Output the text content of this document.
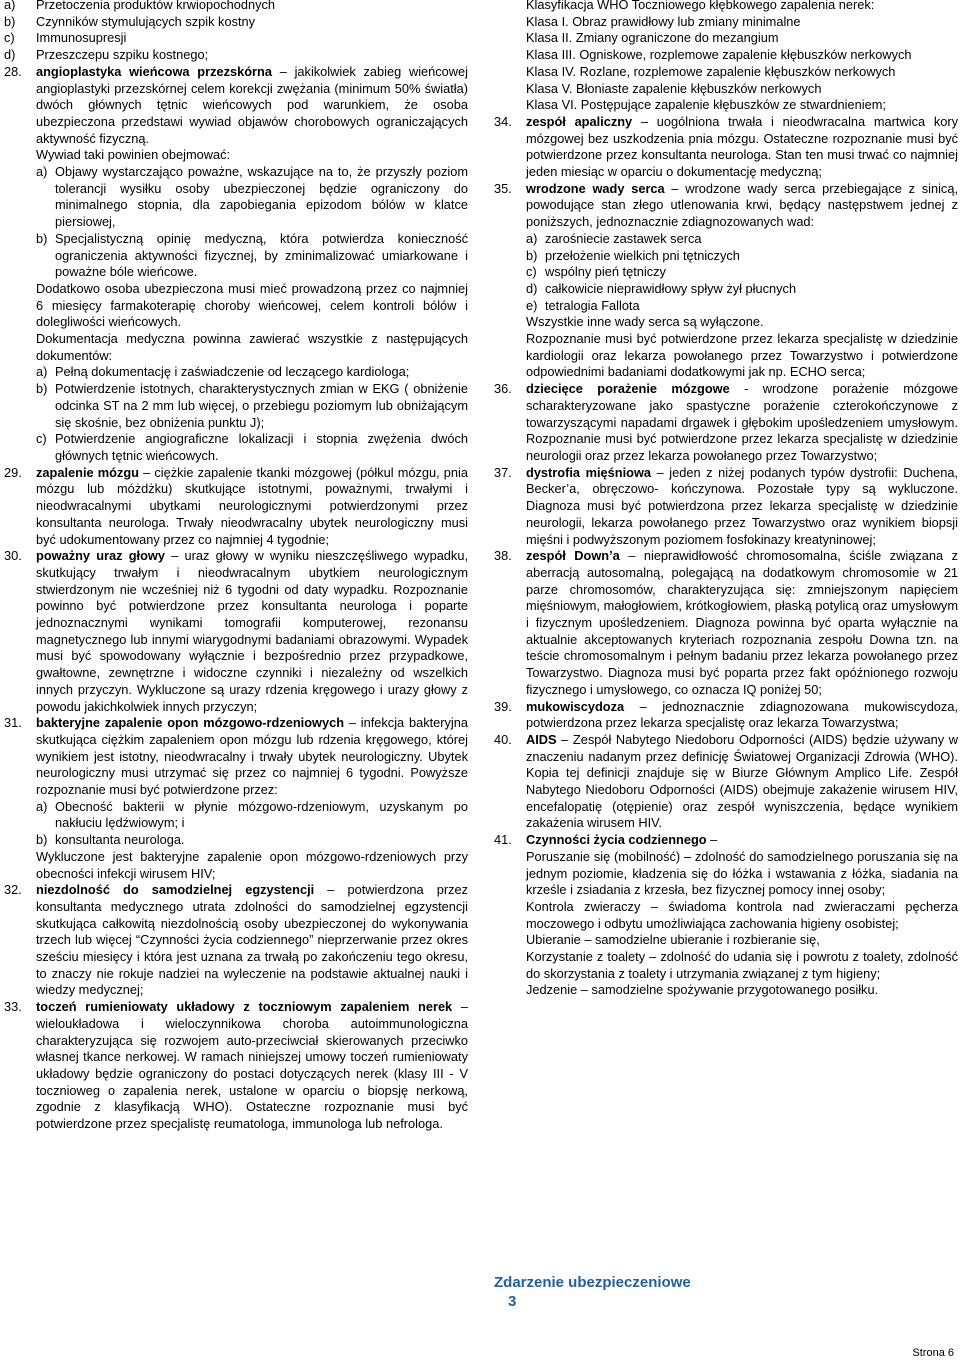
a) Przetoczenia produktów krwiopochodnych
b) Czynników stymulujących szpik kostny
c) Immunosupresji
d) Przeszczepu szpiku kostnego;
28. angioplastyka wieńcowa przezskórna – jakikolwiek zabieg wieńcowej angioplastyki przezskórnej celem korekcji zwężania (minimum 50% światła) dwóch głównych tętnic wieńcowych pod warunkiem, że osoba ubezpieczona przedstawi wywiad objawów chorobowych ograniczających aktywność fizyczną.

Wywiad taki powinien obejmować:

a) Objawy wystarczająco poważne, wskazujące na to, że przyszły poziom tolerancji wysiłku osoby ubezpieczonej będzie ograniczony do minimalnego stopnia, dla zapobiegania epizodom bólów w klatce piersiowej,
b) Specjalistyczną opinię medyczną, która potwierdza konieczność ograniczenia aktywności fizycznej, by zminimalizować umiarkowane i poważne bóle wieńcowe.

Dodatkowo osoba ubezpieczona musi mieć prowadzoną przez co najmniej 6 miesięcy farmakoterapię choroby wieńcowej, celem kontroli bólów i dolegliwości wieńcowych.

Dokumentacja medyczna powinna zawierać wszystkie z następujących dokumentów:

a) Pełną dokumentację i zaświadczenie od leczącego kardiologa;
b) Potwierdzenie istotnych, charakterystycznych zmian w EKG ( obniżenie odcinka ST na 2 mm lub więcej, o przebiegu poziomym lub obniżającym się skośnie, bez obniżenia punktu J);
c) Potwierdzenie angiograficzne lokalizacji i stopnia zwężenia dwóch głównych tętnic wieńcowych.
29. zapalenie mózgu – ciężkie zapalenie tkanki mózgowej (półkul mózgu, pnia mózgu lub móżdżku) skutkujące istotnymi, poważnymi, trwałymi i nieodwracalnymi ubytkami neurologicznymi potwierdzonymi przez konsultanta neurologa. Trwały nieodwracalny ubytek neurologiczny musi być udokumentowany przez co najmniej 4 tygodnie;
30. poważny uraz głowy – uraz głowy w wyniku nieszczęśliwego wypadku, skutkujący trwałym i nieodwracalnym ubytkiem neurologicznym stwierdzonym nie wcześniej niż 6 tygodni od daty wypadku. Rozpoznanie powinno być potwierdzone przez konsultanta neurologa i poparte jednoznacznymi wynikami tomografii komputerowej, rezonansu magnetycznego lub innymi wiarygodnymi badaniami obrazowymi. Wypadek musi być spowodowany wyłącznie i bezpośrednio przez przypadkowe, gwałtowne, zewnętrzne i widoczne czynniki i niezależny od wszelkich innych przyczyn. Wykluczone są urazy rdzenia kręgowego i urazy głowy z powodu jakichkolwiek innych przyczyn;
31. bakteryjne zapalenie opon mózgowo-rdzeniowych – infekcja bakteryjna skutkująca ciężkim zapaleniem opon mózgu lub rdzenia kręgowego, której wynikiem jest istotny, nieodwracalny i trwały ubytek neurologiczny. Ubytek neurologiczny musi utrzymać się przez co najmniej 6 tygodni. Powyższe rozpoznanie musi być potwierdzone przez:

a) Obecność bakterii w płynie mózgowo-rdzeniowym, uzyskanym po nakłuciu lędźwiowym; i
b) konsultanta neurologa.

Wykluczone jest bakteryjne zapalenie opon mózgowo-rdzeniowych przy obecności infekcji wirusem HIV;

32. niezdolność do samodzielnej egzystencji – potwierdzona przez konsultanta medycznego utrata zdolności do samodzielnej egzystencji skutkująca całkowitą niezdolnością osoby ubezpieczonej do wykonywania trzech lub więcej “Czynności życia codziennego” nieprzerwanie przez okres sześciu miesięcy i która jest uznana za trwałą po zakończeniu tego okresu, to znaczy nie rokuje nadziei na wyleczenie na podstawie aktualnej nauki i wiedzy medycznej;
33. toczeń rumieniowaty układowy z toczniowym zapaleniem nerek – wieloukładowa i wieloczynnikowa choroba autoimmunologiczna charakteryzująca się rozwojem auto-przeciwciał skierowanych przeciwko własnej tkance nerkowej. W ramach niniejszej umowy toczeń rumieniowaty układowy będzie ograniczony do postaci dotyczących nerek (klasy III - V tocznioweg o zapalenia nerek, ustalone w oparciu o biopsję nerkową, zgodnie z klasyfikacją WHO). Ostateczne rozpoznanie musi być potwierdzone przez specjalistę reumatologa, immunologa lub nefrologa.

Klasyfikacja WHO Toczniowego kłębkowego zapalenia nerek:

Klasa I. Obraz prawidłowy lub zmiany minimalne

Klasa II. Zmiany ograniczone do mezangium

Klasa III. Ogniskowe, rozplemowe zapalenie kłębuszków nerkowych

Klasa IV. Rozlane, rozplemowe zapalenie kłębuszków nerkowych

Klasa V. Błoniaste zapalenie kłębuszków nerkowych

Klasa VI. Postępujące zapalenie kłębuszków ze stwardnieniem;

34. zespół apaliczny – uogólniona trwała i nieodwracalna martwica kory mózgowej bez uszkodzenia pnia mózgu. Ostateczne rozpoznanie musi być potwierdzone przez konsultanta neurologa. Stan ten musi trwać co najmniej jeden miesiąc w oparciu o dokumentację medyczną;
35. wrodzone wady serca – wrodzone wady serca przebiegające z sinicą, powodujące stan złego utlenowania krwi, będący następstwem jednej z poniższych, jednoznacznie zdiagnozowanych wad:

a) zarośniecie zastawek serca
b) przełożenie wielkich pni tętniczych
c) wspólny pień tętniczy
d) całkowicie nieprawidłowy spływ żył płucnych
e) tetralogia Fallota

Wszystkie inne wady serca są wyłączone.

Rozpoznanie musi być potwierdzone przez lekarza specjalistę w dziedzinie kardiologii oraz lekarza powołanego przez Towarzystwo i potwierdzone odpowiednimi badaniami dodatkowymi jak np. ECHO serca;

36. dziecięce porażenie mózgowe - wrodzone porażenie mózgowe scharakteryzowane jako spastyczne porażenie czterokończynowe z towarzyszącymi napadami drgawek i głębokim upośledzeniem umysłowym. Rozpoznanie musi być potwierdzone przez lekarza specjalistę w dziedzinie neurologii oraz przez lekarza powołanego przez Towarzystwo;
37. dystrofia mięśniowa – jeden z niżej podanych typów dystrofii: Duchena, Becker’a, obręczowo- kończynowa. Pozostałe typy są wykluczone. Diagnoza musi być potwierdzona przez lekarza specjalistę w dziedzinie neurologii, lekarza powołanego przez Towarzystwo oraz wynikiem biopsji mięśni i podwyższonym poziomem fosfokinazy kreatyninowej;
38. zespół Down’a – nieprawidłowość chromosomalna, ściśle związana z aberracją autosomalną, polegającą na dodatkowym chromosomie w 21 parze chromosomów, charakteryzująca się: zmniejszonym napięciem mięśniowym, małogłowiem, krótkogłowiem, płaską potylicą oraz umysłowym i fizycznym upośledzeniem. Diagnoza powinna być oparta wyłącznie na aktualnie akceptowanych kryteriach rozpoznania zespołu Downa tzn. na teście chromosomalnym i pełnym badaniu przez lekarza powołanego przez Towarzystwo. Diagnoza musi być poparta przez fakt opóźnionego rozwoju fizycznego i umysłowego, co oznacza IQ poniżej 50;
39. mukowiscydoza – jednoznacznie zdiagnozowana mukowiscydoza, potwierdzona przez lekarza specjalistę oraz lekarza Towarzystwa;
40. AIDS – Zespół Nabytego Niedoboru Odporności (AIDS) będzie używany w znaczeniu nadanym przez definicję Światowej Organizacji Zdrowia (WHO). Kopia tej definicji znajduje się w Biurze Głównym Amplico Life. Zespół Nabytego Niedoboru Odporności (AIDS) obejmuje zakażenie wirusem HIV, encefalopatię (otępienie) oraz zespół wyniszczenia, będące wynikiem zakażenia wirusem HIV.
41. Czynności życia codziennego –

Poruszanie się (mobilność) – zdolność do samodzielnego poruszania się na jednym poziomie, kładzenia się do łóżka i wstawania z łóżka, siadania na krześle i zsiadania z krzesła, bez fizycznej pomocy innej osoby;

Kontrola zwieraczy – świadoma kontrola nad zwieraczami pęcherza moczowego i odbytu umożliwiająca zachowania higieny osobistej;

Ubieranie – samodzielne ubieranie i rozbieranie się,

Korzystanie z toalety – zdolność do udania się i powrotu z toalety, zdolność do skorzystania z toalety i utrzymania związanej z tym higieny;

Jedzenie – samodzielne spożywanie przygotowanego posiłku.

Zdarzenie ubezpieczeniowe
3
Strona 6
